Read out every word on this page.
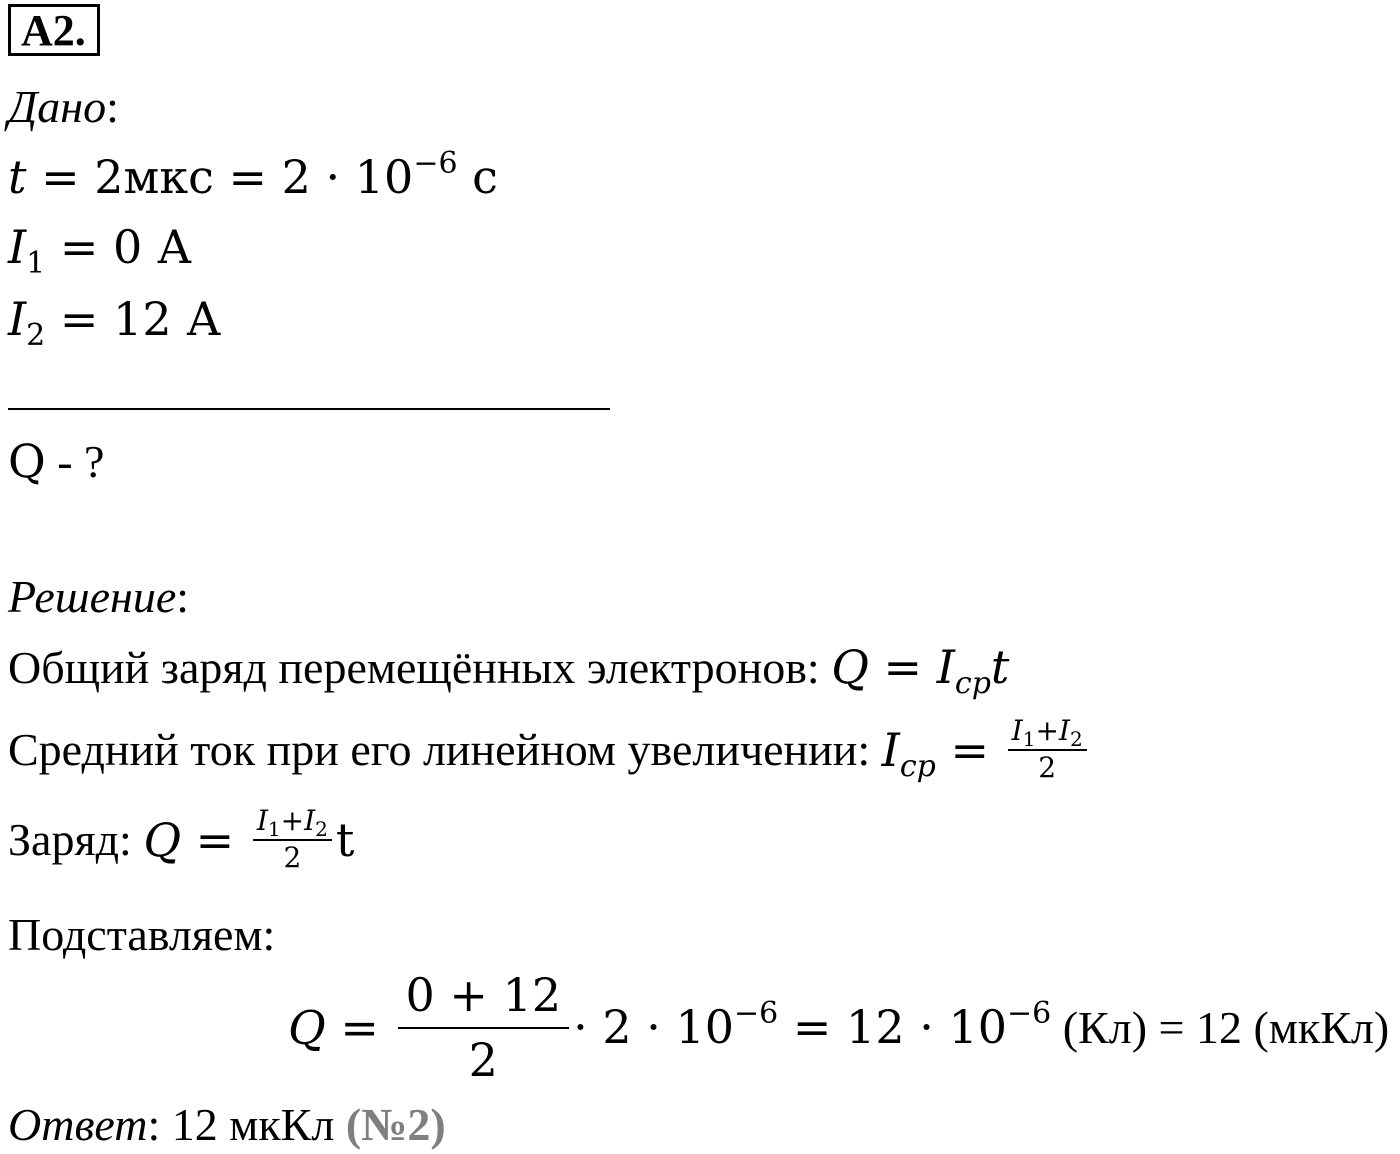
A2.
Дано:
$t = 2мкс = 2 \cdot 10^{-6}$ с
$I_1 = 0$ А
$I_2 = 12$ А
Q - ?
Решение:
Общий заряд перемещённых электронов: $Q = I_{ср}t$
Средний ток при его линейном увеличении: $I_{ср} = \frac{I_1+I_2}{2}$
Заряд: $Q = \frac{I_1+I_2}{2}$ t
Подставляем:
$Q = \frac{0 + 12}{2} \cdot 2 \cdot 10^{-6} = 12 \cdot 10^{-6}$ (Кл) = 12 (мкКл)
Ответ: 12 мкКл (№2)
